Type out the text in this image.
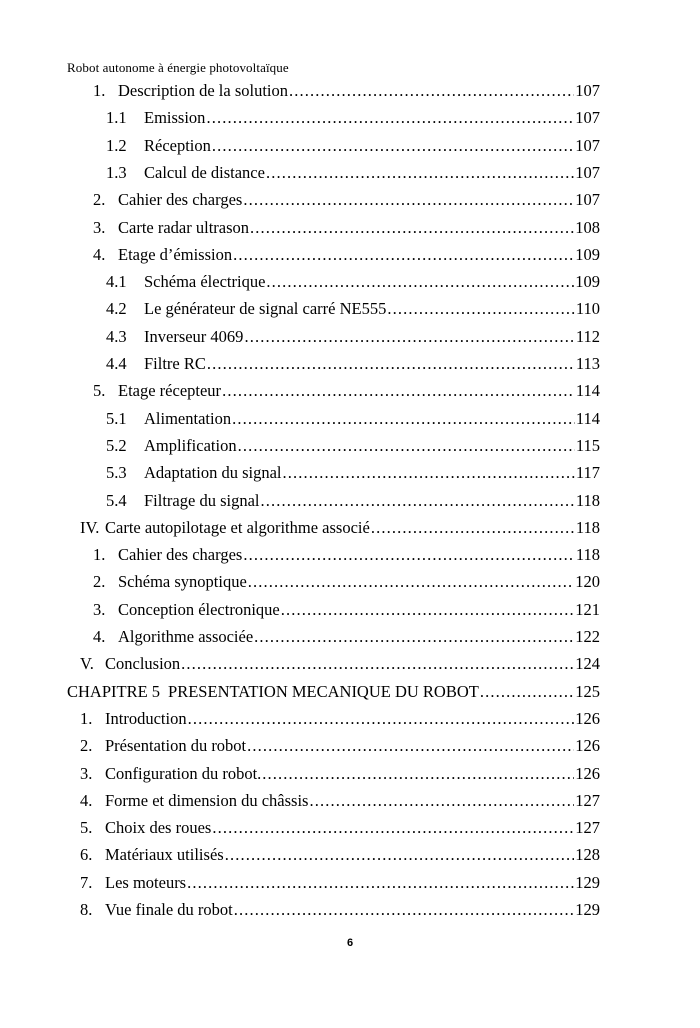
Robot autonome à énergie photovoltaïque
1. Description de la solution . . .	107
1.1	Emission . . .	107
1.2	Réception . . .	107
1.3	Calcul de distance . . .	107
2. Cahier des charges . . .	107
3. Carte radar ultrason . . .	108
4. Etage d’émission . . .	109
4.1	Schéma électrique . . .	109
4.2	Le générateur de signal carré NE555 . . .	110
4.3	Inverseur 4069 . . .	112
4.4	Filtre RC . . .	113
5. Etage récepteur . . .	114
5.1	Alimentation . . .	114
5.2	Amplification . . .	115
5.3	Adaptation du signal . . .	117
5.4	Filtrage du signal . . .	118
IV. Carte autopilotage et algorithme associé . . .	118
1. Cahier des charges . . .	118
2. Schéma synoptique . . .	120
3. Conception électronique . . .	121
4. Algorithme associée . . .	122
V. Conclusion . . .	124
CHAPITRE 5 PRESENTATION MECANIQUE DU ROBOT . . .	125
1. Introduction . . .	126
2. Présentation du robot . . .	126
3. Configuration du robot. . . .	126
4. Forme et dimension du châssis . . .	127
5. Choix des roues . . .	127
6. Matériaux utilisés . . .	128
7. Les moteurs . . .	129
8. Vue finale du robot . . .	129
6
